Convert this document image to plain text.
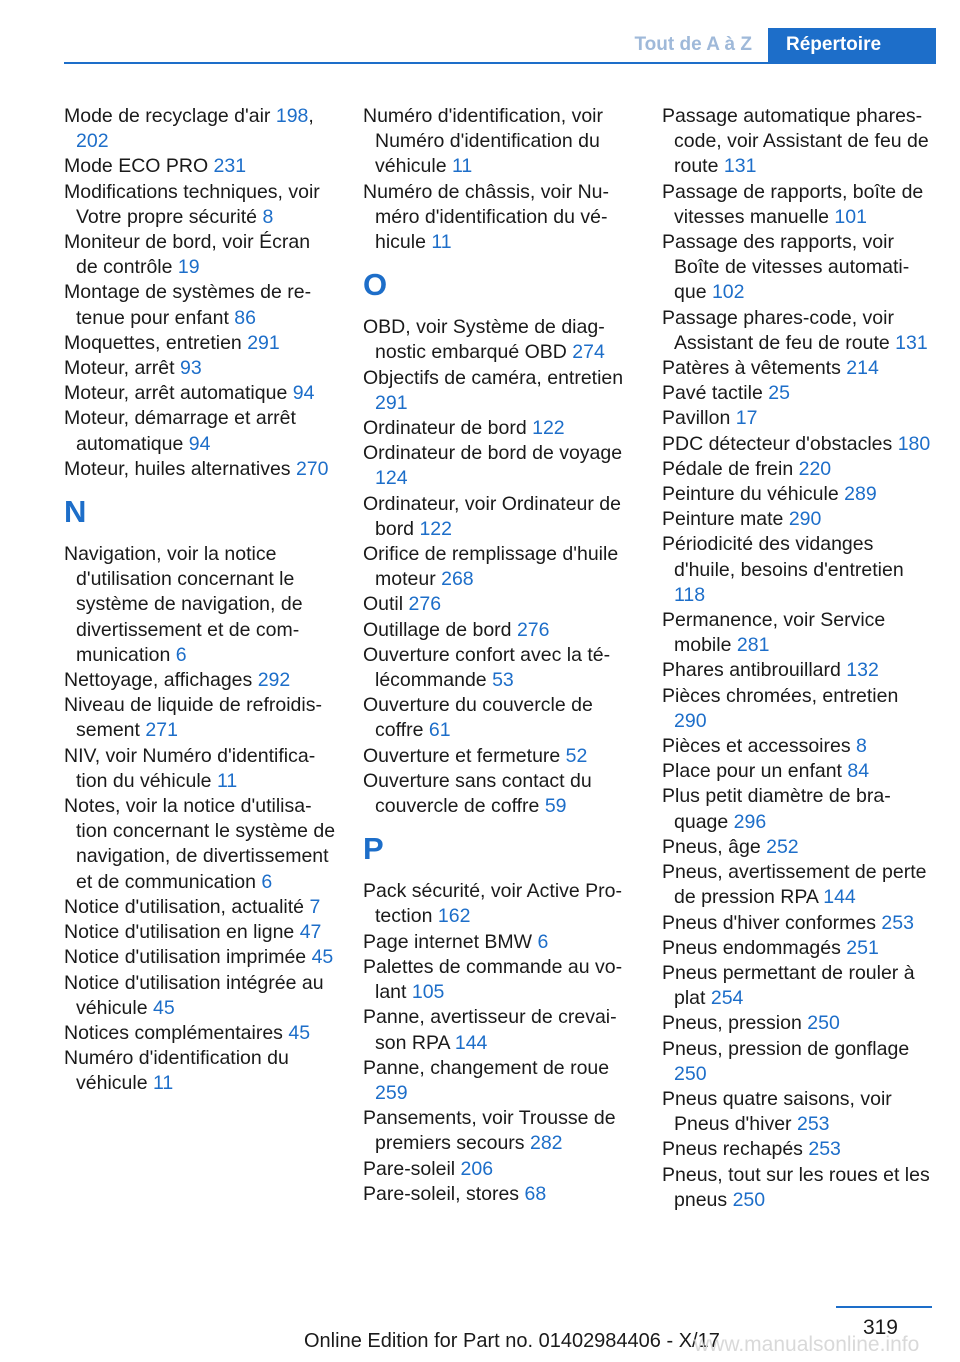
Tout de A à Z	Répertoire

Mode de recyclage d'air 198, 202

Mode ECO PRO 231

Modifications techniques, voir Votre propre sécurité 8

Moniteur de bord, voir Écran de contrôle 19

Montage de systèmes de retenue pour enfant 86

Moquettes, entretien 291

Moteur, arrêt 93

Moteur, arrêt automatique 94

Moteur, démarrage et arrêt automatique 94

Moteur, huiles alternatives 270

N

Navigation, voir la notice d'utilisation concernant le système de navigation, de divertissement et de communication 6

Nettoyage, affichages 292

Niveau de liquide de refroidissement 271

NIV, voir Numéro d'identification du véhicule 11

Notes, voir la notice d'utilisation concernant le système de navigation, de divertissement et de communication 6

Notice d'utilisation, actualité 7

Notice d'utilisation en ligne 47

Notice d'utilisation imprimée 45

Notice d'utilisation intégrée au véhicule 45

Notices complémentaires 45

Numéro d'identification du véhicule 11

Numéro d'identification, voir Numéro d'identification du véhicule 11

Numéro de châssis, voir Numéro d'identification du véhicule 11

O

OBD, voir Système de diagnostic embarqué OBD 274

Objectifs de caméra, entretien 291

Ordinateur de bord 122

Ordinateur de bord de voyage 124

Ordinateur, voir Ordinateur de bord 122

Orifice de remplissage d'huile moteur 268

Outil 276

Outillage de bord 276

Ouverture confort avec la télécommande 53

Ouverture du couvercle de coffre 61

Ouverture et fermeture 52

Ouverture sans contact du couvercle de coffre 59

P

Pack sécurité, voir Active Protection 162

Page internet BMW 6

Palettes de commande au volant 105

Panne, avertisseur de crevaison RPA 144

Panne, changement de roue 259

Pansements, voir Trousse de premiers secours 282

Pare-soleil 206

Pare-soleil, stores 68

Passage automatique phares-code, voir Assistant de feu de route 131

Passage de rapports, boîte de vitesses manuelle 101

Passage des rapports, voir Boîte de vitesses automatique 102

Passage phares-code, voir Assistant de feu de route 131

Patères à vêtements 214

Pavé tactile 25

Pavillon 17

PDC détecteur d'obstacles 180

Pédale de frein 220

Peinture du véhicule 289

Peinture mate 290

Périodicité des vidanges d'huile, besoins d'entretien 118

Permanence, voir Service mobile 281

Phares antibrouillard 132

Pièces chromées, entretien 290

Pièces et accessoires 8

Place pour un enfant 84

Plus petit diamètre de braquage 296

Pneus, âge 252

Pneus, avertissement de perte de pression RPA 144

Pneus d'hiver conformes 253

Pneus endommagés 251

Pneus permettant de rouler à plat 254

Pneus, pression 250

Pneus, pression de gonflage 250

Pneus quatre saisons, voir Pneus d'hiver 253

Pneus rechapés 253

Pneus, tout sur les roues et les pneus 250

319
Online Edition for Part no. 01402984406 - X/17
www.manualsonline.info
